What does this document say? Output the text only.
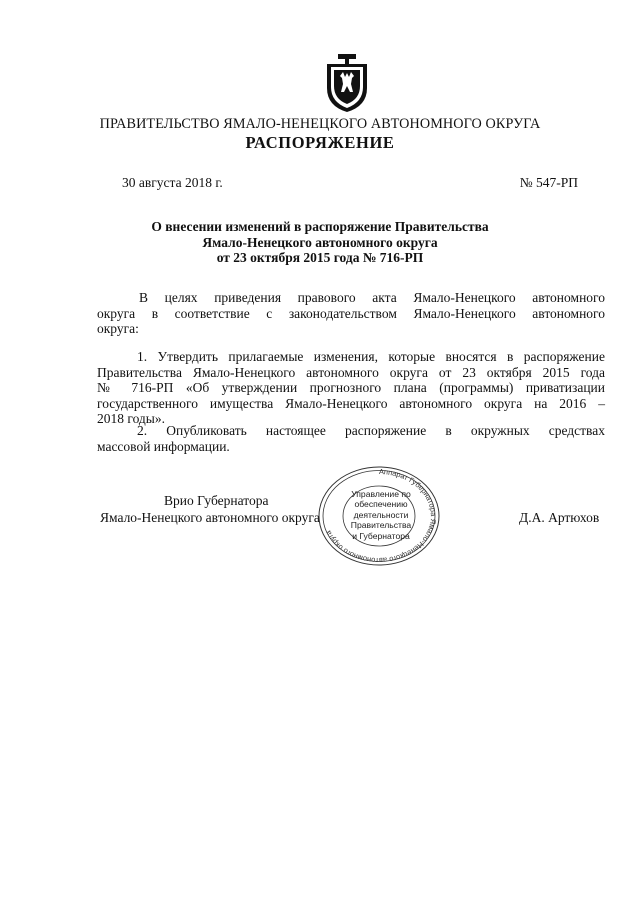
ПРАВИТЕЛЬСТВО ЯМАЛО-НЕНЕЦКОГО АВТОНОМНОГО ОКРУГА
РАСПОРЯЖЕНИЕ
30 августа 2018 г.	№ 547-РП
О внесении изменений в распоряжение Правительства
Ямало-Ненецкого автономного округа
от 23 октября 2015 года № 716-РП
В целях приведения правового акта Ямало-Ненецкого автономного
округа в соответствие с законодательством Ямало-Ненецкого автономного
округа:
1. Утвердить прилагаемые изменения, которые вносятся в распоряжение
Правительства Ямало-Ненецкого автономного округа от 23 октября 2015 года
№ 716-РП «Об утверждении прогнозного плана (программы) приватизации
государственного имущества Ямало-Ненецкого автономного округа на 2016 –
2018 годы».
2. Опубликовать настоящее распоряжение в окружных средствах
массовой информации.
Врио Губернатора
Ямало-Ненецкого автономного округа	Д.А. Артюхов
Аппарат Губернатора Ямало-Ненецкого автономного округа
Управление по
обеспечению
деятельности
Правительства
и Губернатора
